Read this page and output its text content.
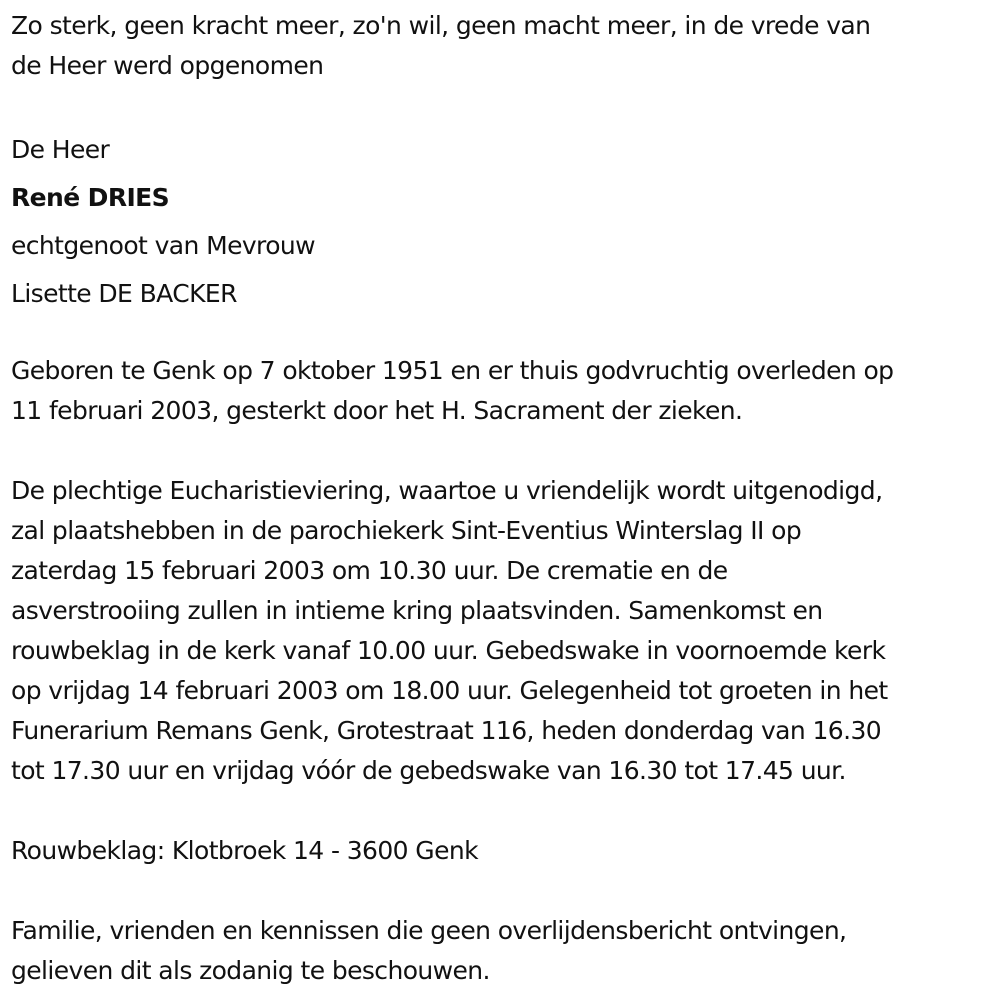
Zo sterk, geen kracht meer, zo'n wil, geen macht meer, in de vrede van

de Heer werd opgenomen

De Heer

René DRIES

echtgenoot van Mevrouw

Lisette DE BACKER

Geboren te Genk op 7 oktober 1951 en er thuis godvruchtig overleden op

11 februari 2003, gesterkt door het H. Sacrament der zieken.

De plechtige Eucharistieviering, waartoe u vriendelijk wordt uitgenodigd,

zal plaatshebben in de parochiekerk Sint-Eventius Winterslag II op

zaterdag 15 februari 2003 om 10.30 uur. De crematie en de

asverstrooiing zullen in intieme kring plaatsvinden. Samenkomst en

rouwbeklag in de kerk vanaf 10.00 uur. Gebedswake in voornoemde kerk

op vrijdag 14 februari 2003 om 18.00 uur. Gelegenheid tot groeten in het

Funerarium Remans Genk, Grotestraat 116, heden donderdag van 16.30

tot 17.30 uur en vrijdag vóór de gebedswake van 16.30 tot 17.45 uur.

Rouwbeklag: Klotbroek 14 - 3600 Genk

Familie, vrienden en kennissen die geen overlijdensbericht ontvingen,

gelieven dit als zodanig te beschouwen.
